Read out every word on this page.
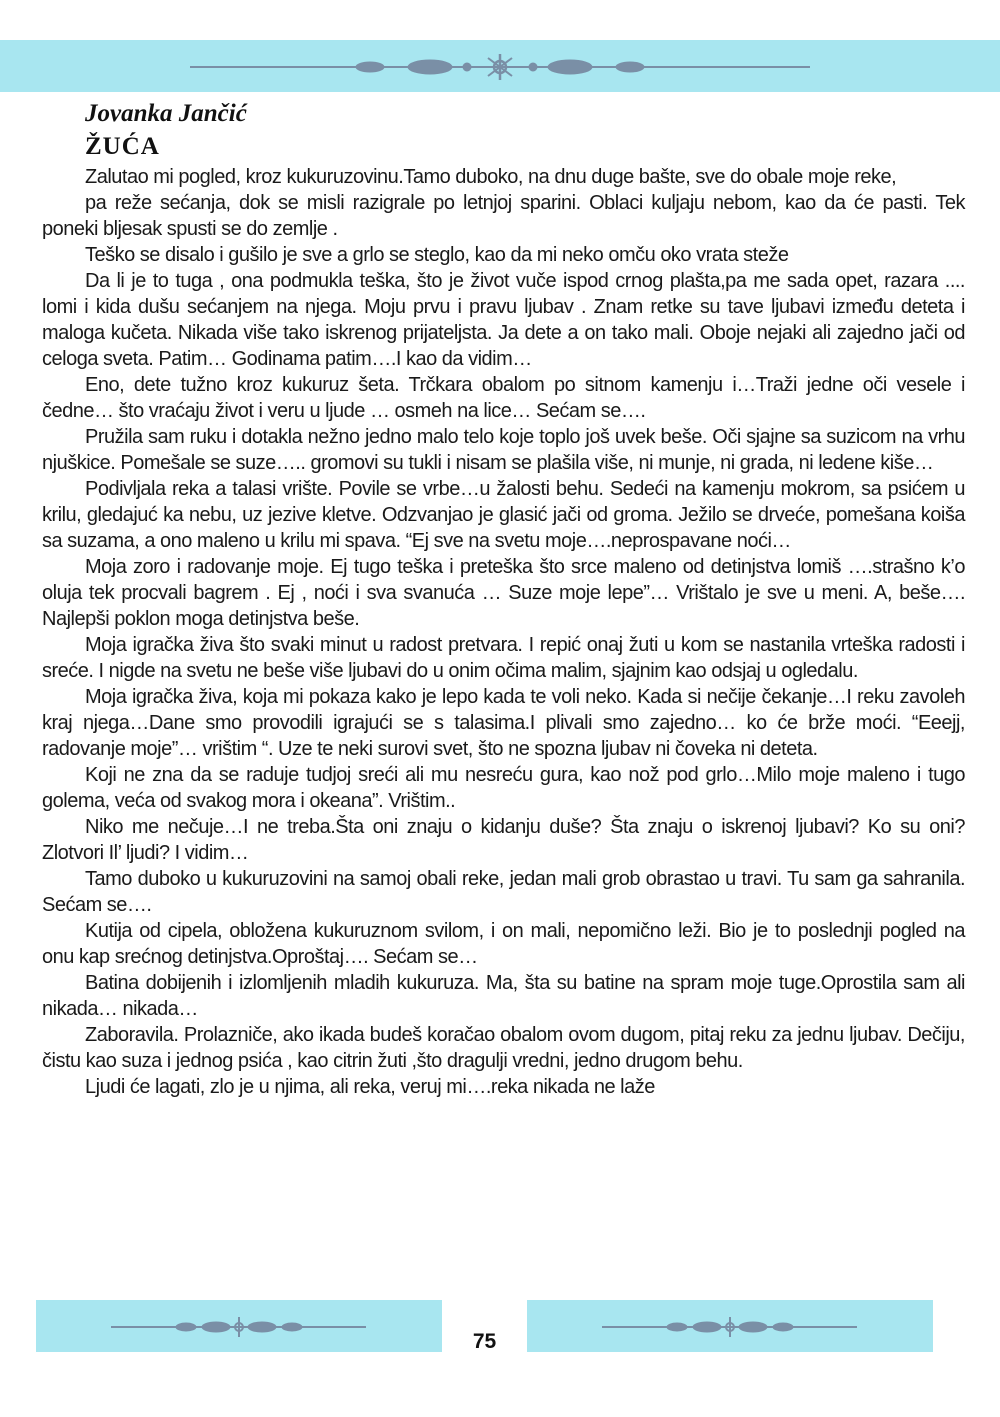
Jovanka Jančić
ŽUĆA

Zalutao mi pogled, kroz kukuruzovinu.Tamo duboko, na dnu duge bašte, sve do obale moje reke,

pa reže sećanja, dok se misli razigrale po letnjoj sparini. Oblaci kuljaju nebom, kao da će pasti. Tek poneki bljesak spusti se do zemlje .

Teško se disalo i gušilo je sve a grlo se steglo, kao da mi neko omču oko vrata steže

Da li je to tuga , ona podmukla teška, što je život vuče ispod crnog plašta,pa me sada opet, razara .... lomi i kida dušu sećanjem na njega. Moju prvu i pravu ljubav . Znam retke su tave ljubavi između deteta i maloga kučeta. Nikada više tako iskrenog prijateljsta. Ja dete a on tako mali. Oboje nejaki ali zajedno jači od celoga sveta. Patim… Godinama patim….I kao da vidim…

Eno, dete tužno kroz kukuruz šeta. Trčkara obalom po sitnom kamenju i…Traži jedne oči vesele i čedne… što vraćaju život i veru u ljude … osmeh na lice… Sećam se….

Pružila sam ruku i dotakla nežno jedno malo telo koje toplo još uvek beše. Oči sjajne sa suzicom na vrhu njuškice. Pomešale se suze….. gromovi su tukli i nisam se plašila više, ni munje, ni grada, ni ledene kiše…

Podivljala reka a talasi vrište. Povile se vrbe…u žalosti behu. Sedeći na kamenju mokrom, sa psićem u krilu, gledajuć ka nebu, uz jezive kletve. Odzvanjao je glasić jači od groma. Ježilo se drveće, pomešana koiša sa suzama, a ono maleno u krilu mi spava. “Ej sve na svetu moje….neprospavane noći…

Moja zoro i radovanje moje. Ej tugo teška i preteška što srce maleno od detinjstva lomiš ….strašno k’o oluja tek procvali bagrem . Ej , noći i sva svanuća … Suze moje lepe”… Vrištalo je sve u meni. A, beše…. Najlepši poklon moga detinjstva beše.

Moja igračka živa što svaki minut u radost pretvara. I repić onaj žuti u kom se nastanila vrteška radosti i sreće. I nigde na svetu ne beše više ljubavi do u onim očima malim, sjajnim kao odsjaj u ogledalu.

Moja igračka živa, koja mi pokaza kako je lepo kada te voli neko. Kada si nečije čekanje…I reku zavoleh kraj njega…Dane smo provodili igrajući se s talasima.I plivali smo zajedno… ko će brže moći. “Eeejj, radovanje moje”… vrištim “. Uze te neki surovi svet, što ne spozna ljubav ni čoveka ni deteta.

Koji ne zna da se raduje tudjoj sreći ali mu nesreću gura, kao nož pod grlo…Milo moje maleno i tugo golema, veća od svakog mora i okeana”. Vrištim..

Niko me nečuje…I ne treba.Šta oni znaju o kidanju duše? Šta znaju o iskrenoj ljubavi? Ko su oni? Zlotvori Il’ ljudi? I vidim…

Tamo duboko u kukuruzovini na samoj obali reke, jedan mali grob obrastao u travi. Tu sam ga sahranila. Sećam se….

Kutija od cipela, obložena kukuruznom svilom, i on mali, nepomično leži. Bio je to poslednji pogled na onu kap srećnog detinjstva.Oproštaj…. Sećam se…

Batina dobijenih i izlomljenih mladih kukuruza. Ma, šta su batine na spram moje tuge.Oprostila sam ali nikada… nikada…

Zaboravila. Prolazniče, ako ikada budeš koračao obalom ovom dugom, pitaj reku za jednu ljubav. Dečiju, čistu kao suza i jednog psića , kao citrin žuti ,što dragulji vredni, jedno drugom behu.

Ljudi će lagati, zlo je u njima, ali reka, veruj mi….reka nikada ne laže

75
